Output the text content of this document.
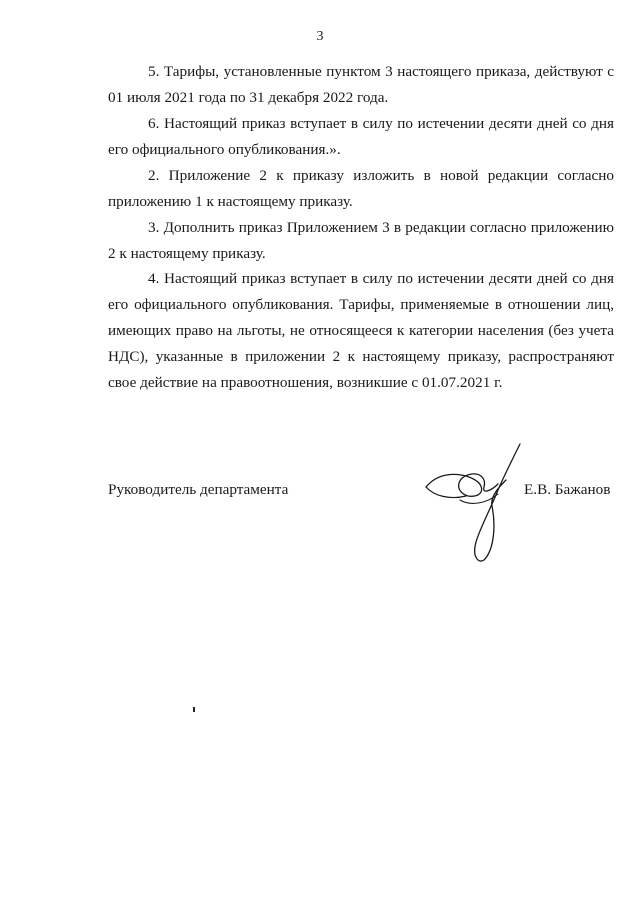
3

5. Тарифы, установленные пунктом 3 настоящего приказа, действуют с 01 июля 2021 года по 31 декабря 2022 года.

6. Настоящий приказ вступает в силу по истечении десяти дней со дня его официального опубликования.».

2. Приложение 2 к приказу изложить в новой редакции согласно приложению 1 к настоящему приказу.

3. Дополнить приказ Приложением 3 в редакции согласно приложению 2 к настоящему приказу.

4. Настоящий приказ вступает в силу по истечении десяти дней со дня его официального опубликования. Тарифы, применяемые в отношении лиц, имеющих право на льготы, не относящееся к категории населения (без учета НДС), указанные в приложении 2 к настоящему приказу, распространяют свое действие на правоотношения, возникшие с 01.07.2021 г.

Руководитель департамента	Е.В. Бажанов
